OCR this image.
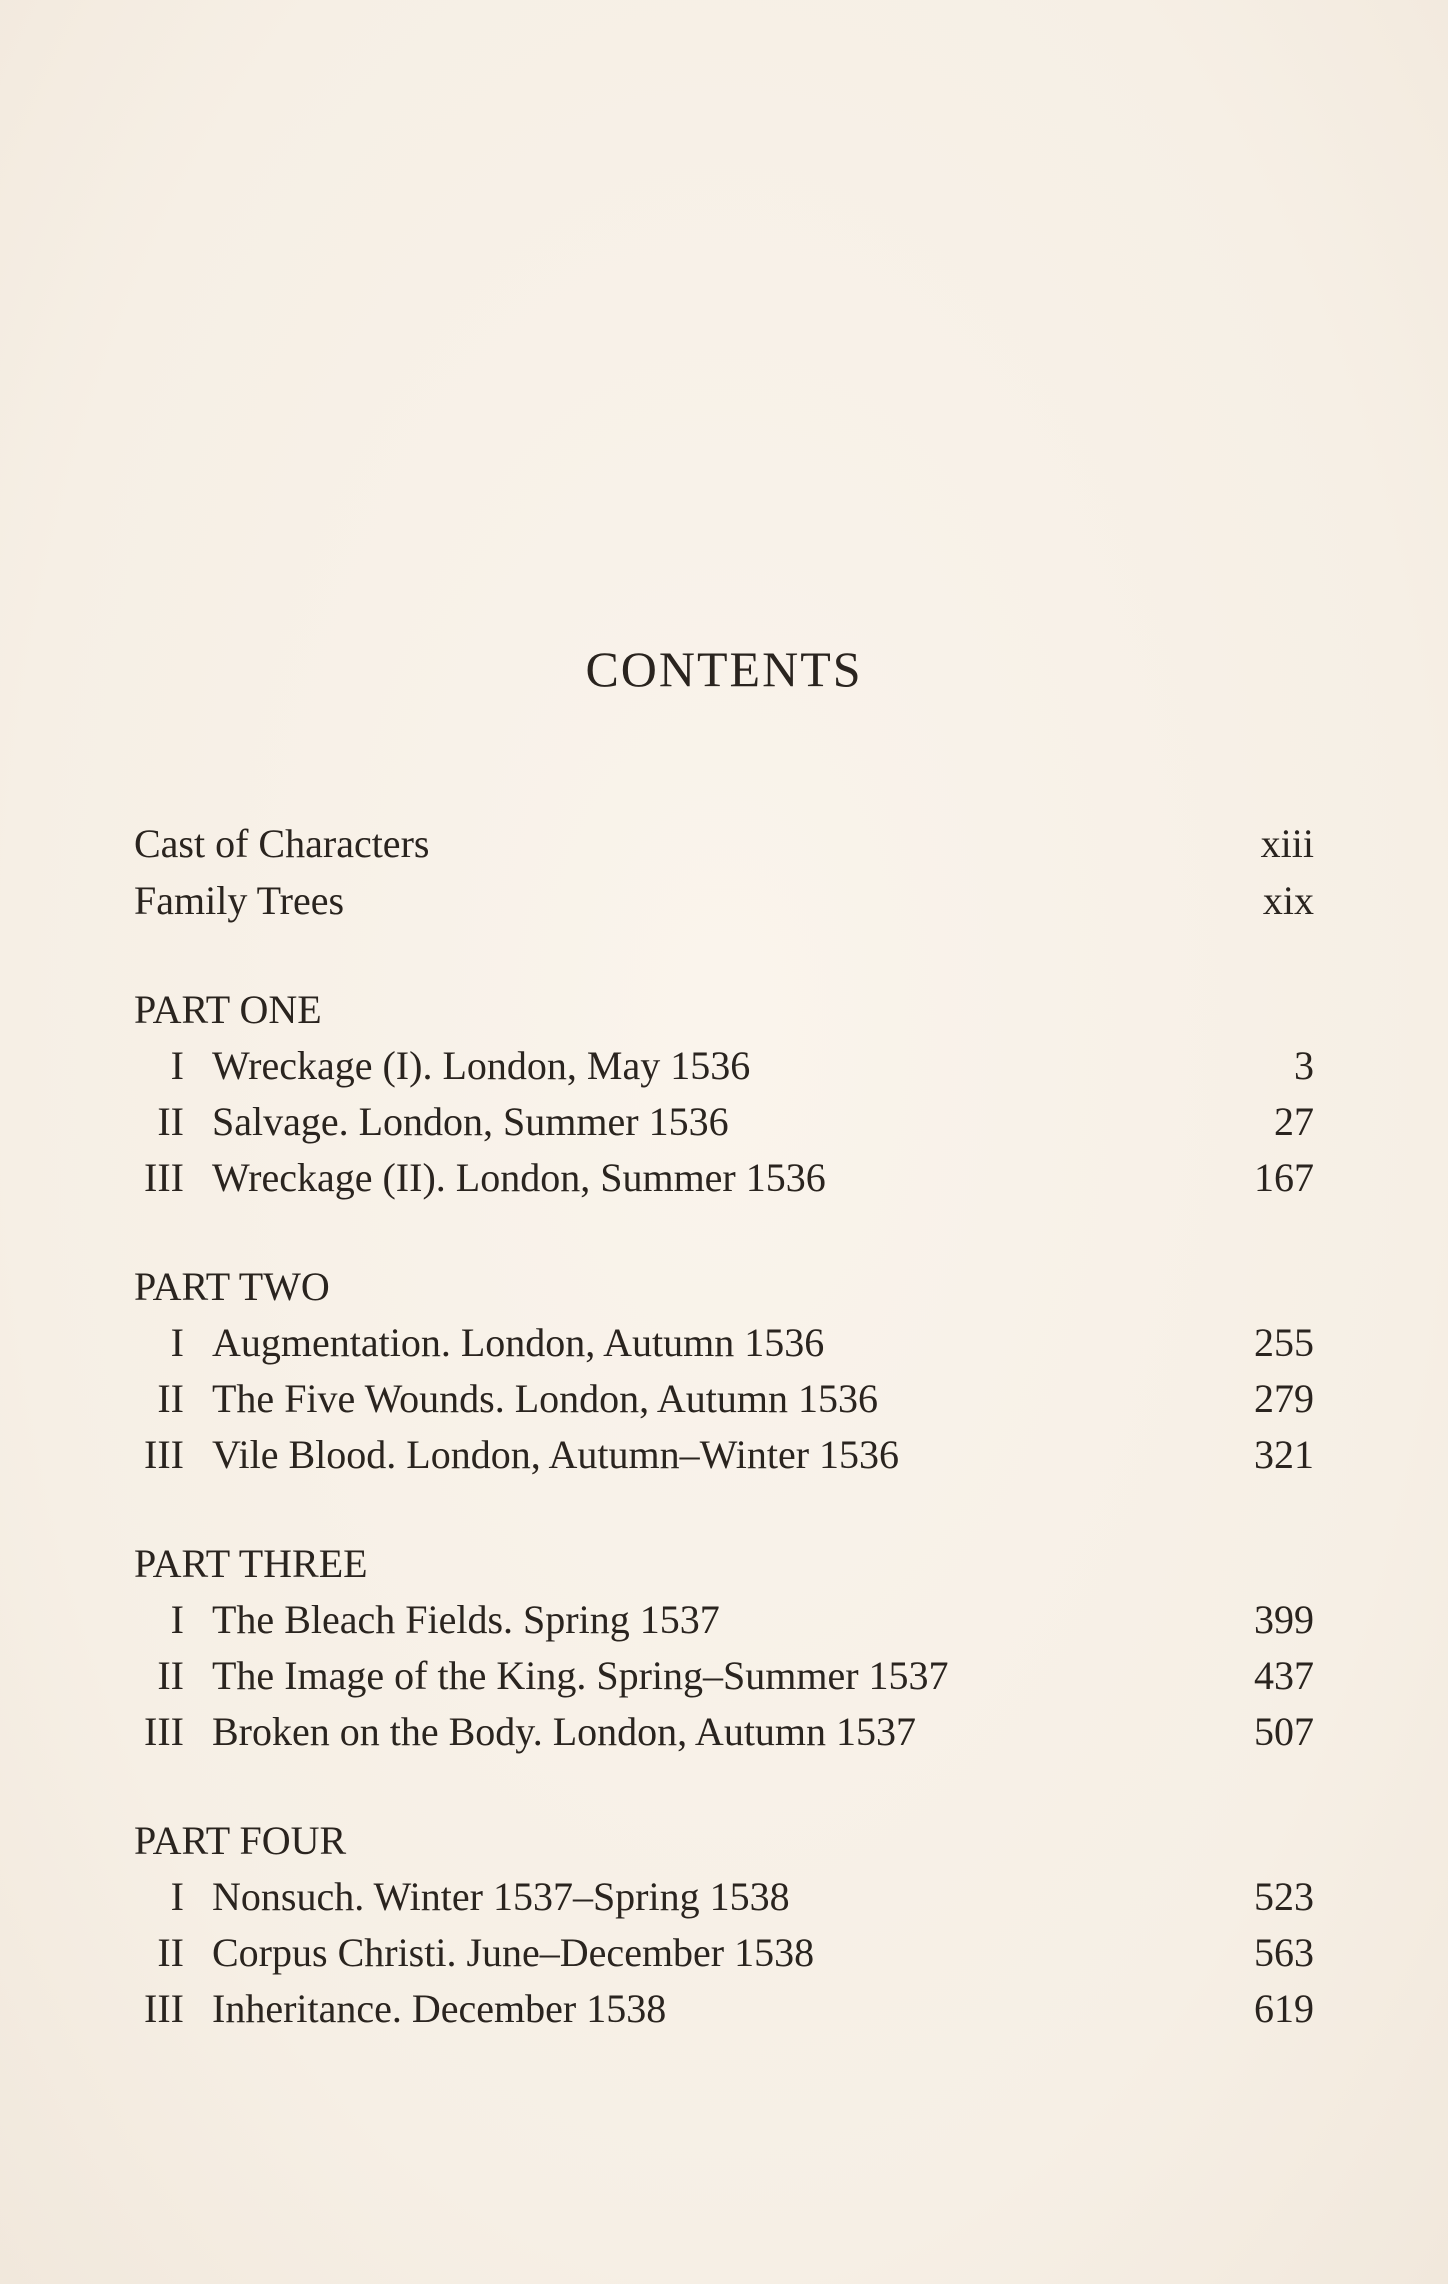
CONTENTS
Cast of Characters	xiii
Family Trees	xix
PART ONE
I Wreckage (I). London, May 1536	3
II Salvage. London, Summer 1536	27
III Wreckage (II). London, Summer 1536	167
PART TWO
I Augmentation. London, Autumn 1536	255
II The Five Wounds. London, Autumn 1536	279
III Vile Blood. London, Autumn–Winter 1536	321
PART THREE
I The Bleach Fields. Spring 1537	399
II The Image of the King. Spring–Summer 1537	437
III Broken on the Body. London, Autumn 1537	507
PART FOUR
I Nonsuch. Winter 1537–Spring 1538	523
II Corpus Christi. June–December 1538	563
III Inheritance. December 1538	619
